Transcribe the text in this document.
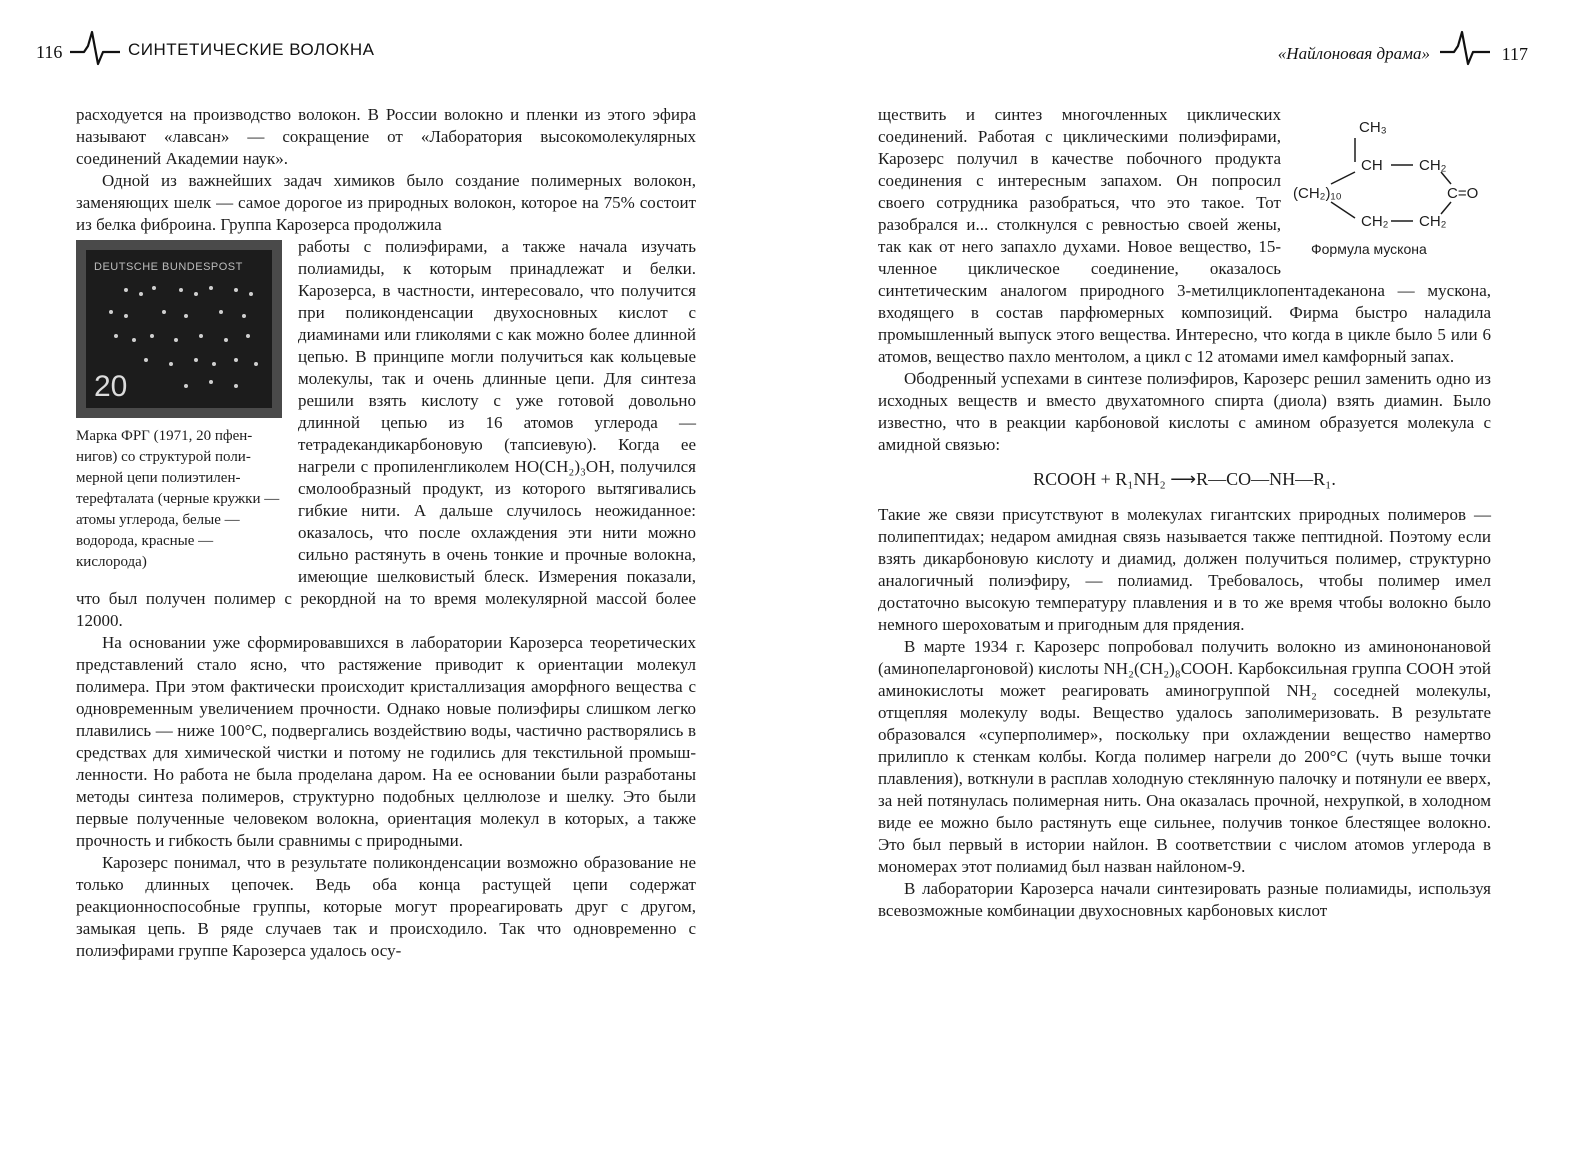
116	СИНТЕТИЧЕСКИЕ ВОЛОКНА

расходуется на производство волокон. В России волокно и пленки из этого эфира называют «лавсан» — сокращение от «Лаборатория высокомолекулярных соединений Академии наук».

Одной из важнейших задач химиков было создание полимерных волокон, заменяющих шелк — самое дорогое из природных волокон, которое на 75% состоит из белка фиброина. Группа Карозерса продолжила

DEUTSCHE BUNDESPOST
20
Марка ФРГ (1971, 20 пфеннигов) со структурой полимерной цепи полиэтилентерефталата (черные кружки — атомы углерода, белые — водорода, красные — кислорода)

работы с полиэфирами, а также начала изучать полиамиды, к которым принадлежат и белки. Карозерса, в частности, интересовало, что получится при поликонденсации двухосновных кислот с диаминами или гликолями с как можно более длинной цепью. В принципе могли получиться как кольцевые молекулы, так и очень длинные цепи. Для синтеза решили взять кислоту с уже готовой довольно длинной цепью из 16 атомов углерода — тетрадекандикарбоновую (тапсиевую). Когда ее нагрели с пропиленгликолем HO(CH₂)₃OH, получился смолообразный продукт, из которого вытягивались гибкие нити. А дальше случилось неожиданное: оказалось, что после охлаждения эти нити можно сильно растянуть в очень тонкие и прочные волокна, имеющие шелковистый блеск. Измерения показали, что был получен полимер с рекордной на то время молекулярной массой более 12000.

На основании уже сформировавшихся в лаборатории Карозерса теоретических представлений стало ясно, что растяжение приводит к ориентации молекул полимера. При этом фактически происходит кристаллизация аморфного вещества с одновременным увеличением прочности. Однако новые полиэфиры слишком легко плавились — ниже 100°C, подвергались воздействию воды, частично растворялись в средствах для химической чистки и потому не годились для текстильной промышленности. Но работа не была проделана даром. На ее основании были разработаны методы синтеза полимеров, структурно подобных целлюлозе и шелку. Это были первые полученные человеком волокна, ориентация молекул в которых, а также прочность и гибкость были сравнимы с природными.

Карозерс понимал, что в результате поликонденсации возможно образование не только длинных цепочек. Ведь оба конца растущей цепи содержат реакционноспособные группы, которые могут прореагировать друг с другом, замыкая цепь. В ряде случаев так и происходило. Так что одновременно с полиэфирами группе Карозерса удалось осу-

«Найлоновая драма»	117
CH₃
CH CH₂
(CH₂)₁₀	C=O
CH₂ CH₂
Формула мускона

ществить и синтез многочленных циклических соединений. Работая с циклическими полиэфирами, Карозерс получил в качестве побочного продукта соединения с интересным запахом. Он попросил своего сотрудника разобраться, что это такое. Тот разобрался и... столкнулся с ревностью своей жены, так как от него запахло духами. Новое вещество, 15-членное циклическое соединение, оказалось синтетическим аналогом природного 3-метилциклопентадеканона — мускона, входящего в состав парфюмерных композиций. Фирма быстро наладила промышленный выпуск этого вещества. Интересно, что когда в цикле было 5 или 6 атомов, вещество пахло ментолом, а цикл с 12 атомами имел камфорный запах.

Ободренный успехами в синтезе полиэфиров, Карозерс решил заменить одно из исходных веществ и вместо двухатомного спирта (диола) взять диамин. Было известно, что в реакции карбоновой кислоты с амином образуется молекула с амидной связью:

RCOOH + R₁NH₂ ⟶R—CO—NH—R₁.

Такие же связи присутствуют в молекулах гигантских природных полимеров — полипептидах; недаром амидная связь называется также пептидной. Поэтому если взять дикарбоновую кислоту и диамид, должен получиться полимер, структурно аналогичный полиэфиру, — полиамид. Требовалось, чтобы полимер имел достаточно высокую температуру плавления и в то же время чтобы волокно было немного шероховатым и пригодным для прядения.

В марте 1934 г. Карозерс попробовал получить волокно из аминононановой (аминопеларгоновой) кислоты NH₂(CH₂)₈COOH. Карбоксильная группа COOH этой аминокислоты может реагировать аминогруппой NH₂ соседней молекулы, отщепляя молекулу воды. Вещество удалось заполимеризовать. В результате образовался «суперполимер», поскольку при охлаждении вещество намертво прилипло к стенкам колбы. Когда полимер нагрели до 200°C (чуть выше точки плавления), воткнули в расплав холодную стеклянную палочку и потянули ее вверх, за ней потянулась полимерная нить. Она оказалась прочной, нехрупкой, в холодном виде ее можно было растянуть еще сильнее, получив тонкое блестящее волокно. Это был первый в истории найлон. В соответствии с числом атомов углерода в мономерах этот полиамид был назван найлоном-9.

В лаборатории Карозерса начали синтезировать разные полиамиды, используя всевозможные комбинации двухосновных карбоновых кислот
